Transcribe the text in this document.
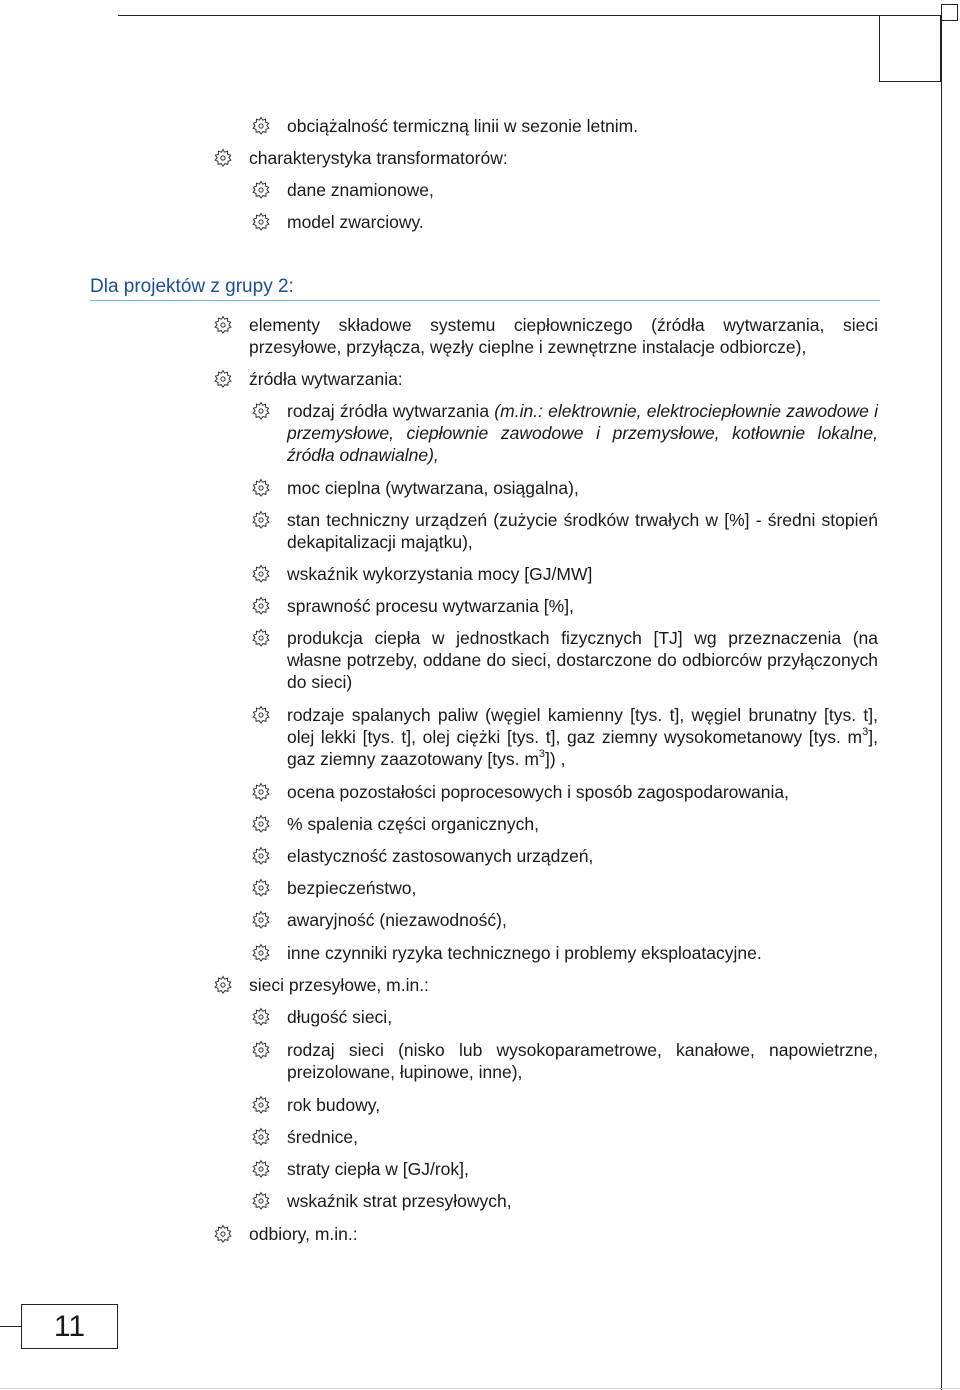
11
obciążalność termiczną linii w sezonie letnim.
charakterystyka transformatorów:
dane znamionowe,
model zwarciowy.
Dla projektów z grupy 2:
elementy składowe systemu ciepłowniczego (źródła wytwarzania, sieci przesyłowe, przyłącza, węzły cieplne i zewnętrzne instalacje odbiorcze),
źródła wytwarzania:
rodzaj źródła wytwarzania (m.in.: elektrownie, elektrociepłownie zawodowe i przemysłowe, ciepłownie zawodowe i przemysłowe, kotłownie lokalne, źródła odnawialne),
moc cieplna (wytwarzana, osiągalna),
stan techniczny urządzeń (zużycie środków trwałych w [%] - średni stopień dekapitalizacji majątku),
wskaźnik wykorzystania mocy [GJ/MW]
sprawność procesu wytwarzania [%],
produkcja ciepła w jednostkach fizycznych [TJ] wg przeznaczenia (na własne potrzeby, oddane do sieci, dostarczone do odbiorców przyłączonych do sieci)
rodzaje spalanych paliw (węgiel kamienny [tys. t], węgiel brunatny [tys. t], olej lekki [tys. t], olej ciężki [tys. t], gaz ziemny wysokometanowy [tys. $m^3$], gaz ziemny zaazotowany [tys. $m^3$]) ,
ocena pozostałości poprocesowych i sposób zagospodarowania,
% spalenia części organicznych,
elastyczność zastosowanych urządzeń,
bezpieczeństwo,
awaryjność (niezawodność),
inne czynniki ryzyka technicznego i problemy eksploatacyjne.
sieci przesyłowe, m.in.:
długość sieci,
rodzaj sieci (nisko lub wysokoparametrowe, kanałowe, napowietrzne, preizolowane, łupinowe, inne),
rok budowy,
średnice,
straty ciepła w [GJ/rok],
wskaźnik strat przesyłowych,
odbiory, m.in.:
